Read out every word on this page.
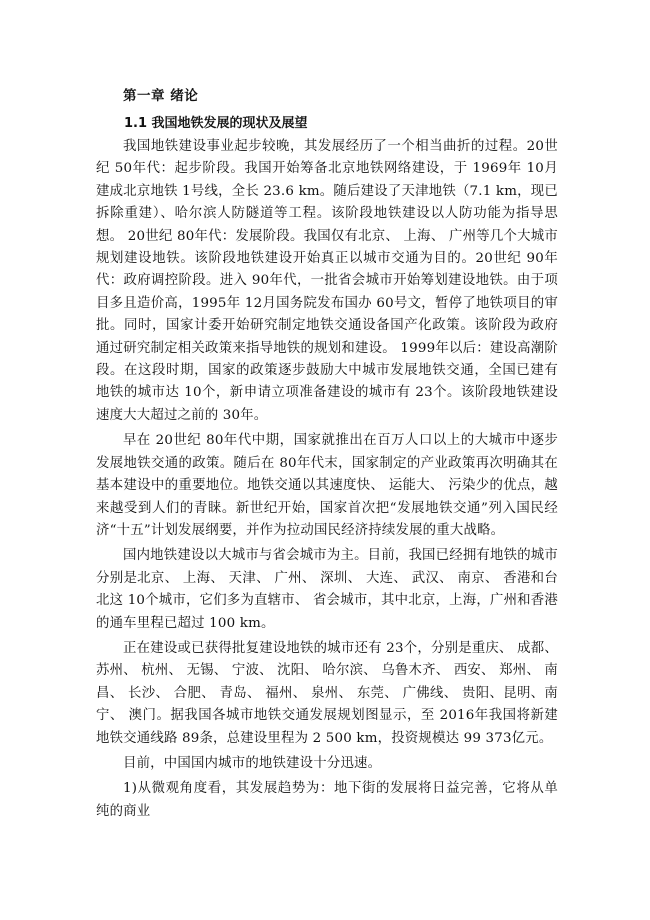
第一章 绪论
1.1 我国地铁发展的现状及展望

我国地铁建设事业起步较晚，其发展经历了一个相当曲折的过程。20世纪 50年代：起步阶段。我国开始筹备北京地铁网络建设，于 1969年 10月建成北京地铁 1号线，全长 23.6 km。随后建设了天津地铁（7.1 km，现已拆除重建）、哈尔滨人防隧道等工程。该阶段地铁建设以人防功能为指导思想。 20世纪 80年代：发展阶段。我国仅有北京、 上海、 广州等几个大城市规划建设地铁。该阶段地铁建设开始真正以城市交通为目的。20世纪 90年代：政府调控阶段。进入 90年代，一批省会城市开始筹划建设地铁。由于项目多且造价高，1995年 12月国务院发布国办 60号文，暂停了地铁项目的审批。同时，国家计委开始研究制定地铁交通设备国产化政策。该阶段为政府通过研究制定相关政策来指导地铁的规划和建设。 1999年以后：建设高潮阶段。在这段时期，国家的政策逐步鼓励大中城市发展地铁交通，全国已建有地铁的城市达 10个，新申请立项准备建设的城市有 23个。该阶段地铁建设速度大大超过之前的 30年。

早在 20世纪 80年代中期，国家就推出在百万人口以上的大城市中逐步发展地铁交通的政策。随后在 80年代末，国家制定的产业政策再次明确其在基本建设中的重要地位。地铁交通以其速度快、 运能大、 污染少的优点，越来越受到人们的青睐。新世纪开始，国家首次把“发展地铁交通”列入国民经济“十五”计划发展纲要，并作为拉动国民经济持续发展的重大战略。

国内地铁建设以大城市与省会城市为主。目前，我国已经拥有地铁的城市分别是北京、 上海、 天津、 广州、 深圳、 大连、 武汉、 南京、 香港和台北这 10个城市，它们多为直辖市、 省会城市，其中北京，上海，广州和香港的通车里程已超过 100 km。

正在建设或已获得批复建设地铁的城市还有 23个，分别是重庆、 成都、 苏州、 杭州、 无锡、 宁波、 沈阳、 哈尔滨、 乌鲁木齐、 西安、 郑州、 南昌、 长沙、 合肥、 青岛、 福州、 泉州、 东莞、 广佛线、 贵阳、昆明、南宁、 澳门。据我国各城市地铁交通发展规划图显示，至 2016年我国将新建地铁交通线路 89条，总建设里程为 2 500 km，投资规模达 99 373亿元。

目前，中国国内城市的地铁建设十分迅速。

1)从微观角度看，其发展趋势为：地下街的发展将日益完善，它将从单纯的商业
